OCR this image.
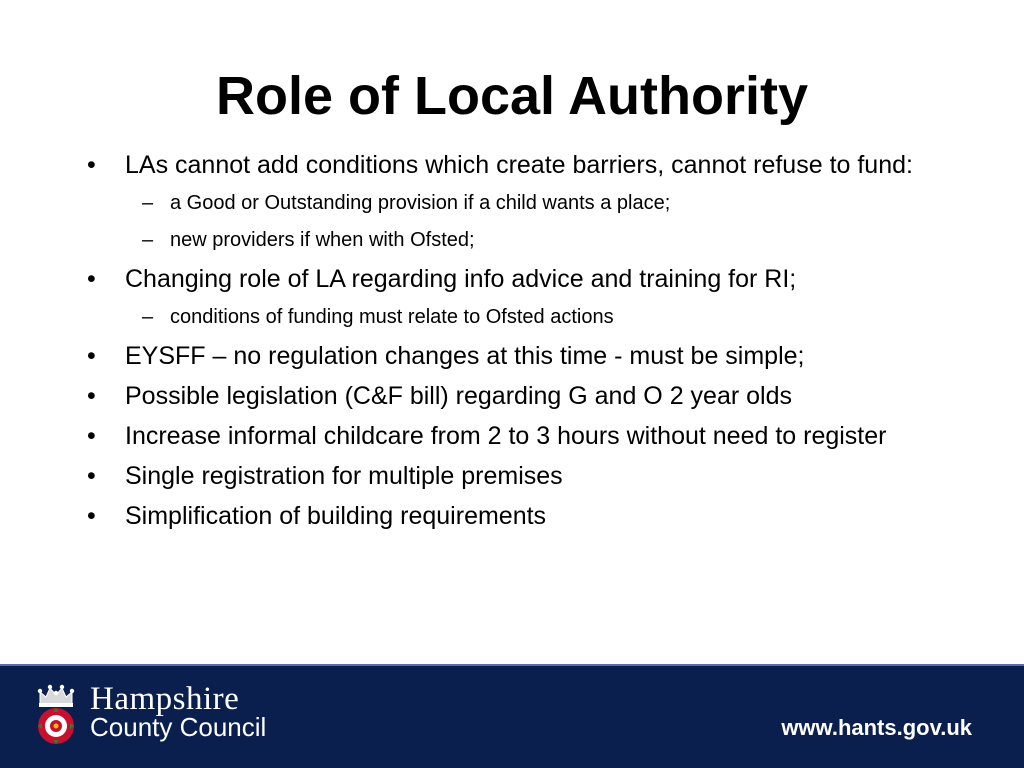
Role of Local Authority
•	LAs cannot add conditions which create barriers, cannot refuse to fund:
– a Good or Outstanding provision if a child wants a place;
– new providers if when with Ofsted;
•	Changing role of LA regarding info advice and training for RI;
– conditions of funding must relate to Ofsted actions
•	EYSFF – no regulation changes at this time - must be simple;
•	Possible legislation (C&F bill) regarding G and O 2 year olds
•	Increase informal childcare from 2 to 3 hours without need to register
•	Single registration for multiple premises
•	Simplification of building requirements
Hampshire
County Council	www.hants.gov.uk
